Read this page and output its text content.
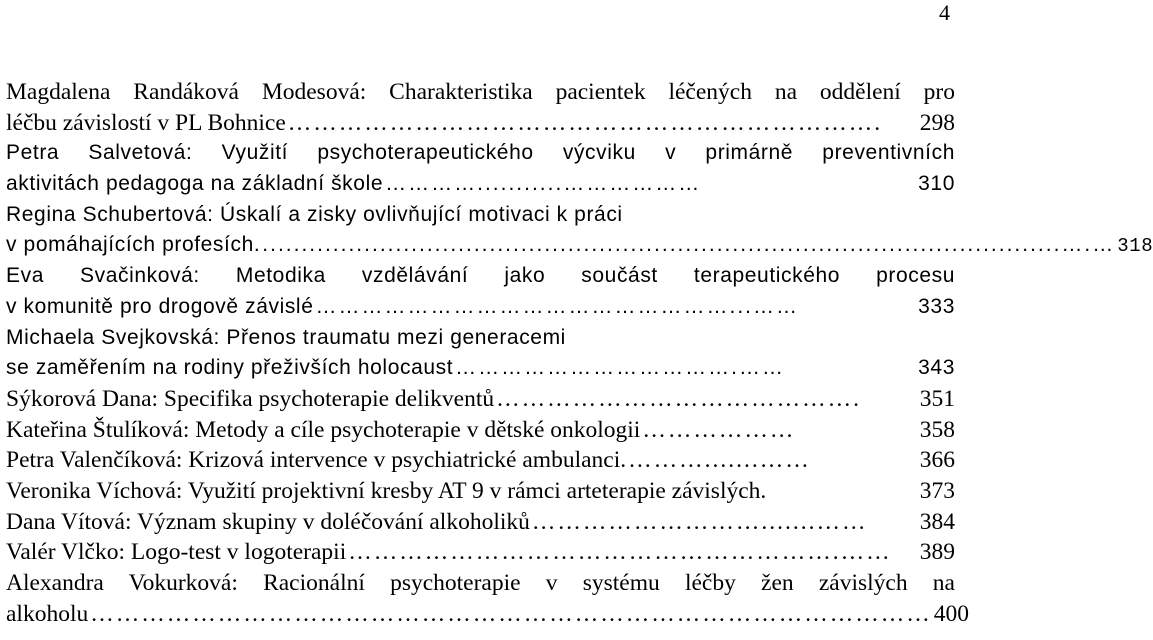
4
Magdalena Randáková Modesová: Charakteristika pacientek léčených na oddělení pro
léčbu závislostí v PL Bohnice …………………………………………………………….	298
Petra Salvetová: Využití psychoterapeutického výcviku v primárně preventivních
aktivitách pedagoga na základní škole …………...........………………	310
Regina Schubertová: Úskalí a zisky ovlivňující motivaci k práci
v pomáhajících profesích. ......................................................................................................….… 318
Eva Svačinková: Metodika vzdělávání jako součást terapeutického procesu
v komunitě pro drogově závislé ………………………………………………...……	333
Michaela Svejkovská: Přenos traumatu mezi generacemi
se zaměřením na rodiny přeživších holocaust ……………………………….……	343
Sýkorová Dana: Specifika psychoterapie delikventů …………………………………….	351
Kateřina Štulíková: Metody a cíle psychoterapie v dětské onkologii ………………	358
Petra Valenčíková: Krizová intervence v psychiatrické ambulanci. ……….......……	366
Veronika Víchová: Využití projektivní kresby AT 9 v rámci arteterapie závislých.	373
Dana Vítová: Význam skupiny v doléčování alkoholiků ……………………….......……	384
Valér Vlčko: Logo-test v logoterapii ………………………………………………….……	389
Alexandra Vokurková: Racionální psychoterapie v systému léčby žen závislých na
alkoholu ……………………………………………………………………………………… 400
